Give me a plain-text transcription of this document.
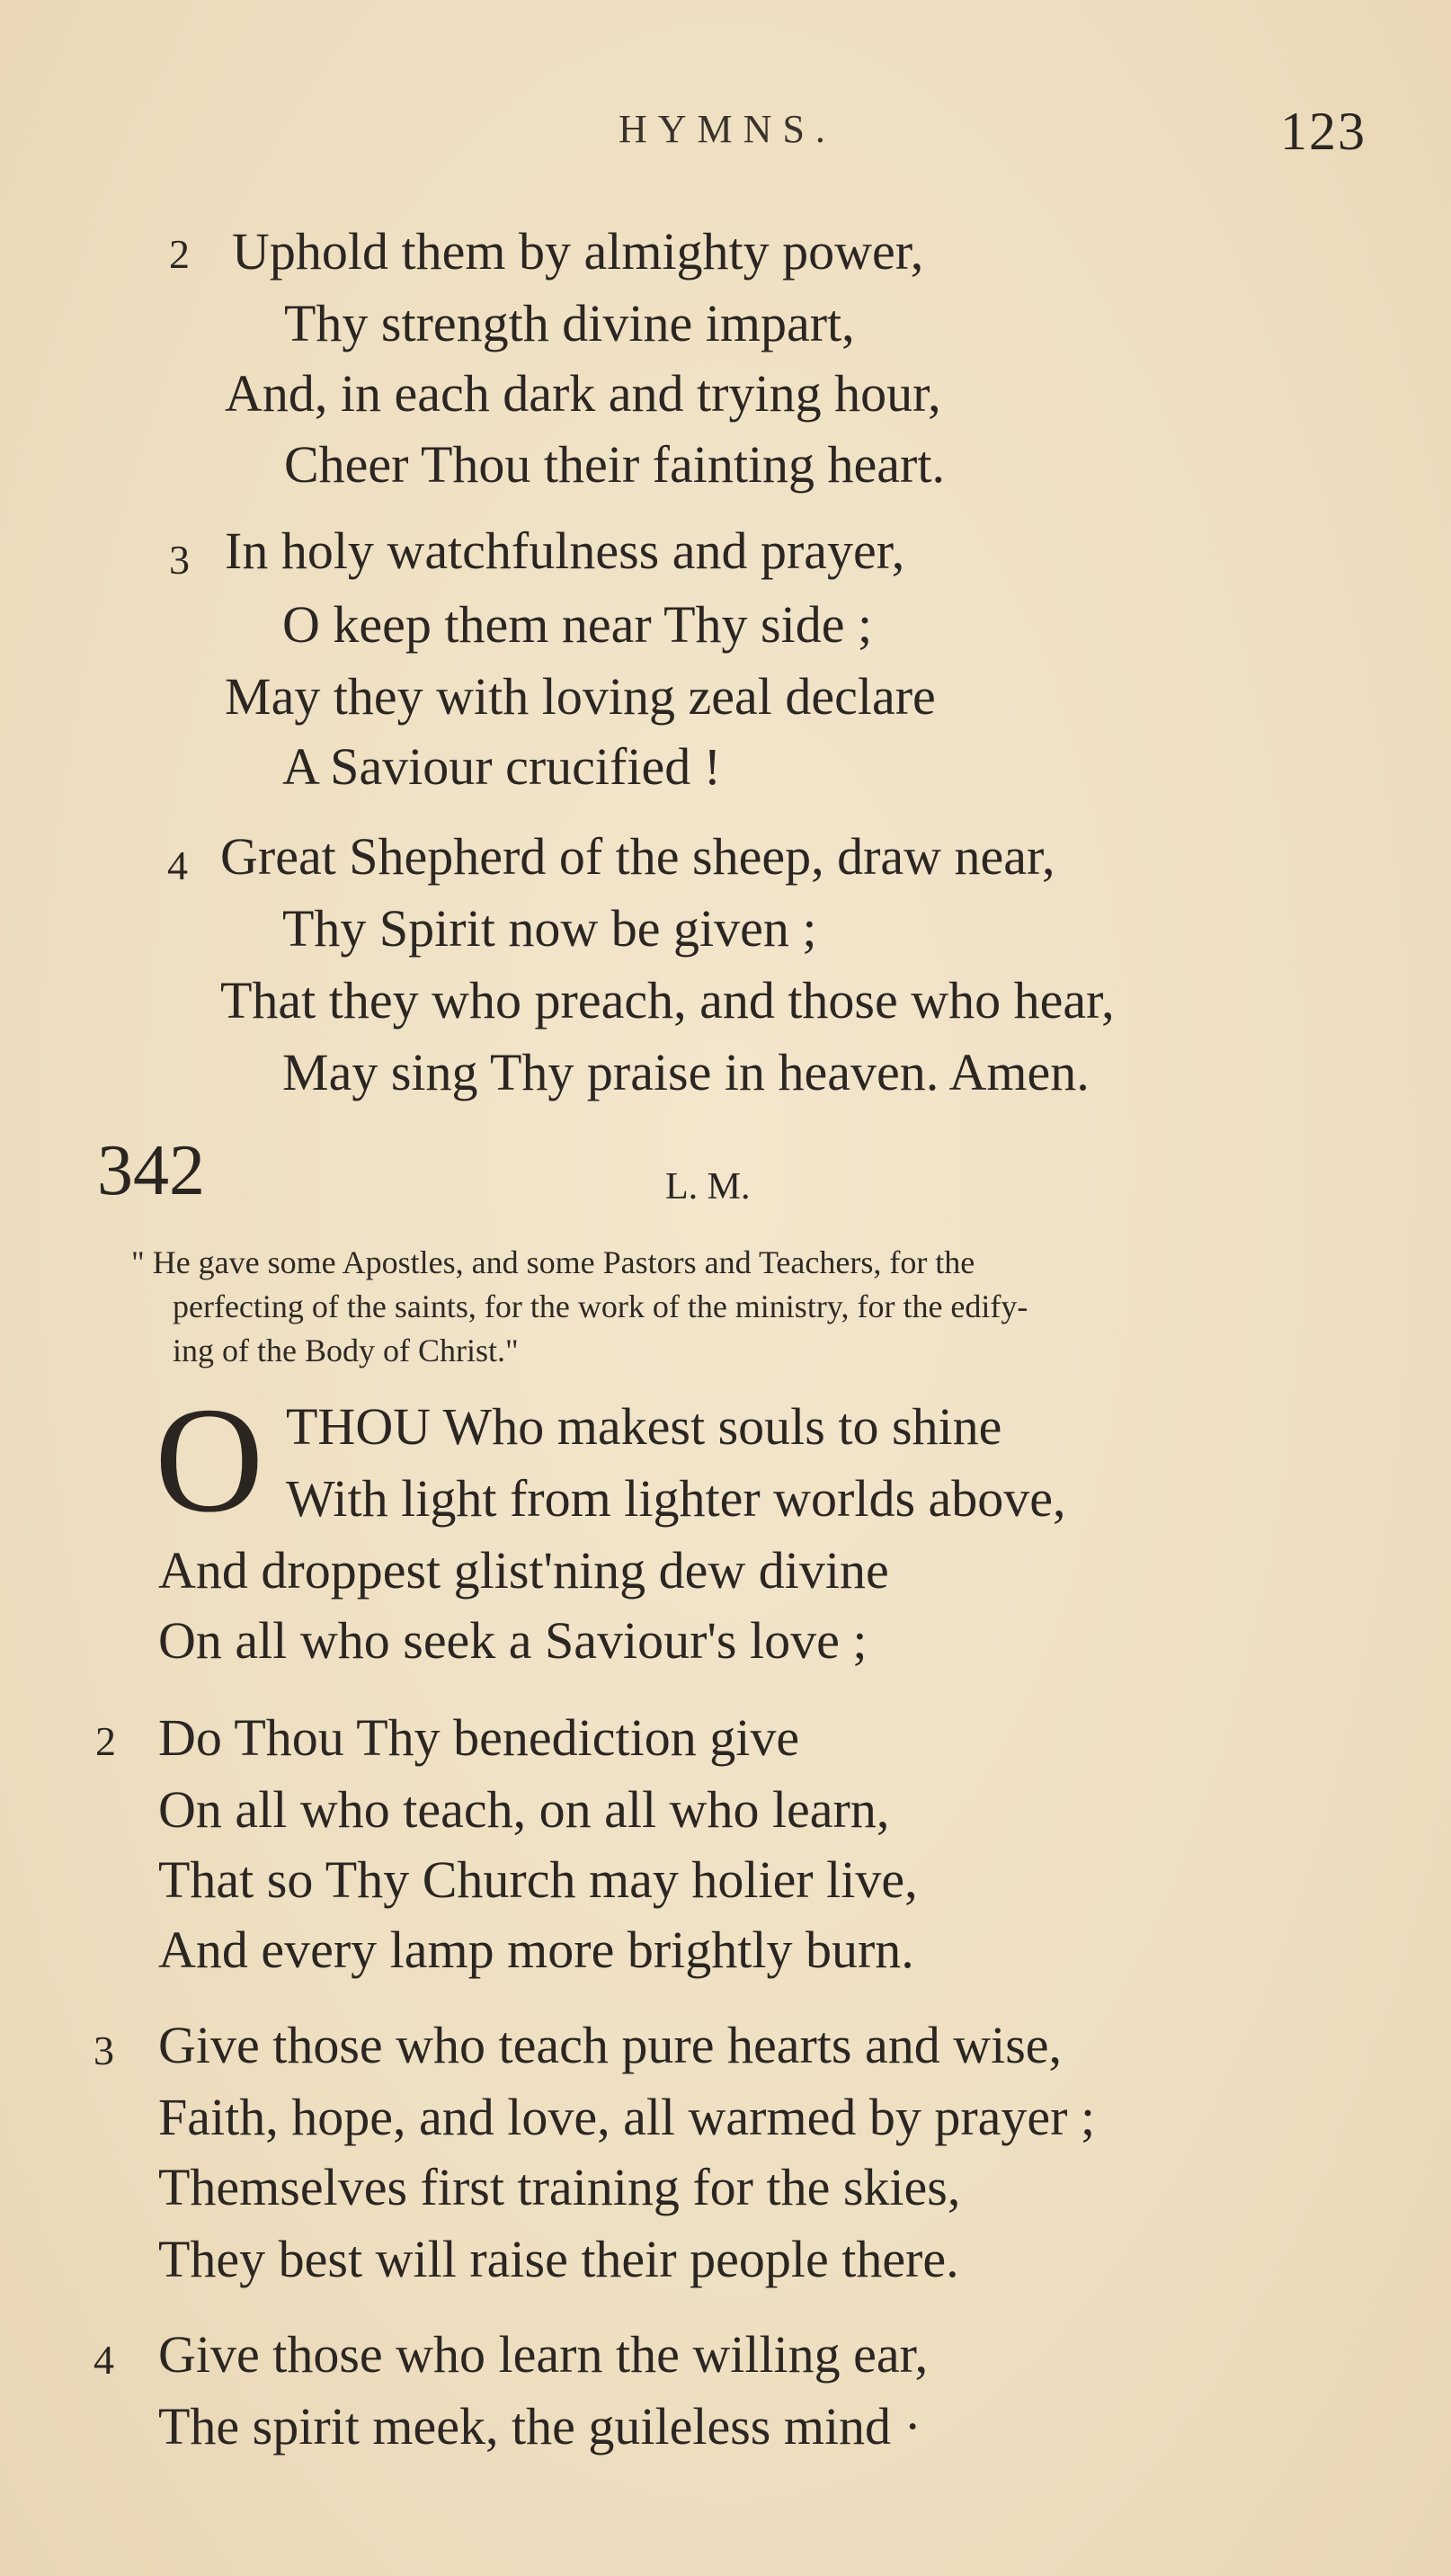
HYMNS.	123
2 Uphold them by almighty power,
Thy strength divine impart,
And, in each dark and trying hour,
Cheer Thou their fainting heart.
3 In holy watchfulness and prayer,
O keep them near Thy side ;
May they with loving zeal declare
A Saviour crucified !
4 Great Shepherd of the sheep, draw near,
Thy Spirit now be given ;
That they who preach, and those who hear,
May sing Thy praise in heaven. Amen.
342	L. M.
" He gave some Apostles, and some Pastors and Teachers, for the
perfecting of the saints, for the work of the ministry, for the edify-
ing of the Body of Christ."
O THOU Who makest souls to shine
With light from lighter worlds above,
And droppest glist'ning dew divine
On all who seek a Saviour's love ;
2 Do Thou Thy benediction give
On all who teach, on all who learn,
That so Thy Church may holier live,
And every lamp more brightly burn.
3 Give those who teach pure hearts and wise,
Faith, hope, and love, all warmed by prayer ;
Themselves first training for the skies,
They best will raise their people there.
4 Give those who learn the willing ear,
The spirit meek, the guileless mind ·
